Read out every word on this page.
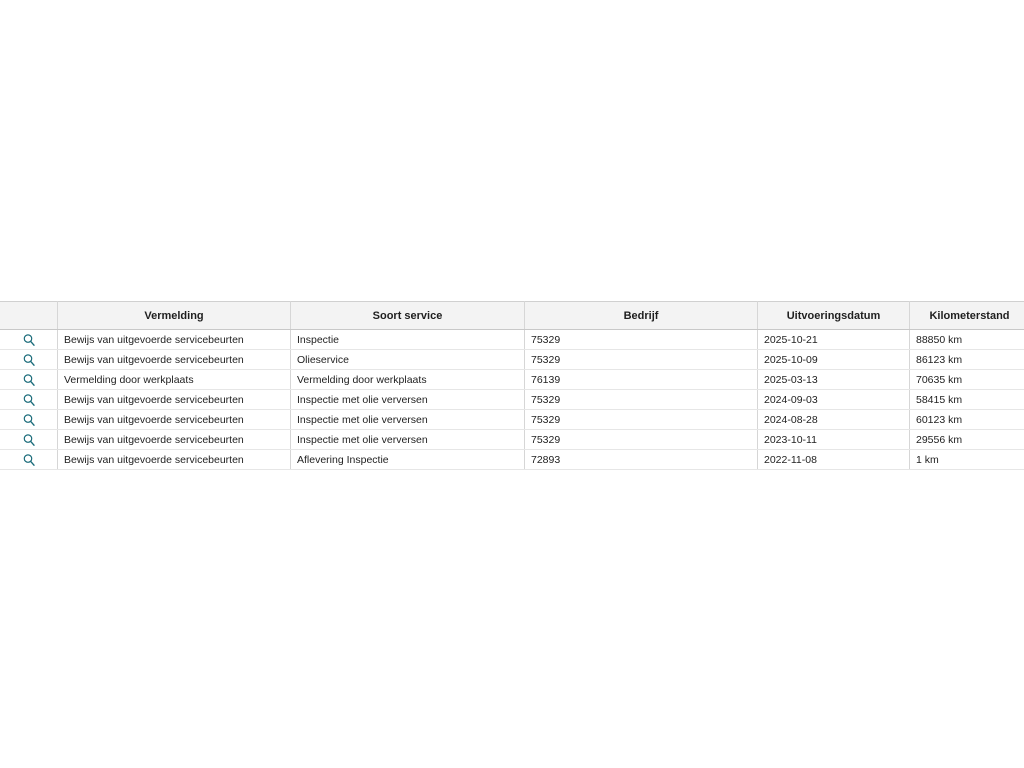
	Vermelding	Soort service	Bedrijf	Uitvoeringsdatum	Kilometerstand

	Bewijs van uitgevoerde servicebeurten	Inspectie	75329	2025-10-21	88850 km

	Bewijs van uitgevoerde servicebeurten	Olieservice	75329	2025-10-09	86123 km

	Vermelding door werkplaats	Vermelding door werkplaats	76139	2025-03-13	70635 km

	Bewijs van uitgevoerde servicebeurten	Inspectie met olie verversen	75329	2024-09-03	58415 km

	Bewijs van uitgevoerde servicebeurten	Inspectie met olie verversen	75329	2024-08-28	60123 km

	Bewijs van uitgevoerde servicebeurten	Inspectie met olie verversen	75329	2023-10-11	29556 km

	Bewijs van uitgevoerde servicebeurten	Aflevering Inspectie	72893	2022-11-08	1 km
